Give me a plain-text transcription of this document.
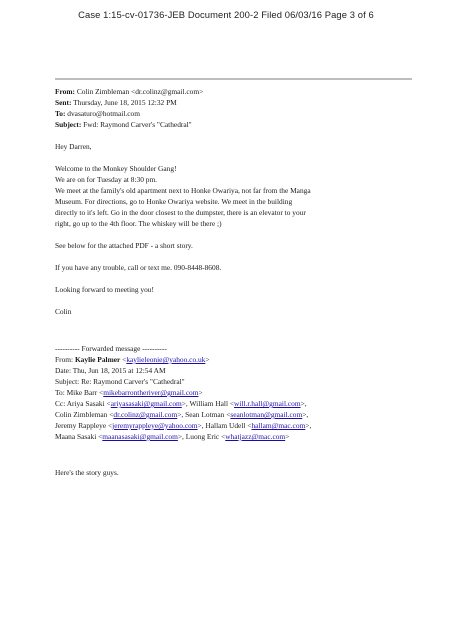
Case 1:15-cv-01736-JEB Document 200-2 Filed 06/03/16 Page 3 of 6
From: Colin Zimbleman <dr.colinz@gmail.com>
Sent: Thursday, June 18, 2015 12:32 PM
To: dvasaturo@hotmail.com
Subject: Fwd: Raymond Carver's "Cathedral"
Hey Darren,
Welcome to the Monkey Shoulder Gang!
We are on for Tuesday at 8:30 pm.
We meet at the family's old apartment next to Honke Owariya, not far from the Manga
Museum. For directions, go to Honke Owariya website. We meet in the building
directly to it's left. Go in the door closest to the dumpster, there is an elevator to your
right, go up to the 4th floor. The whiskey will be there ;)
See below for the attached PDF - a short story.
If you have any trouble, call or text me. 090-8448-8608.
Looking forward to meeting you!
Colin
---------- Forwarded message ----------
From: Kaylie Palmer <kaylieleonie@yahoo.co.uk>
Date: Thu, Jun 18, 2015 at 12:54 AM
Subject: Re: Raymond Carver's "Cathedral"
To: Mike Barr <mikebarrontheriver@gmail.com>
Cc: Ariya Sasaki <ariyasasaki@gmail.com>, William Hall <will.r.hall@gmail.com>,
Colin Zimbleman <dr.colinz@gmail.com>, Sean Lotman <seanlotman@gmail.com>,
Jeremy Rappleye <jeremyrappleye@yahoo.com>, Hallam Udell <hallam@mac.com>,
Maana Sasaki <maanasasaki@gmail.com>, Luong Eric <whatjazz@mac.com>
Here's the story guys.
